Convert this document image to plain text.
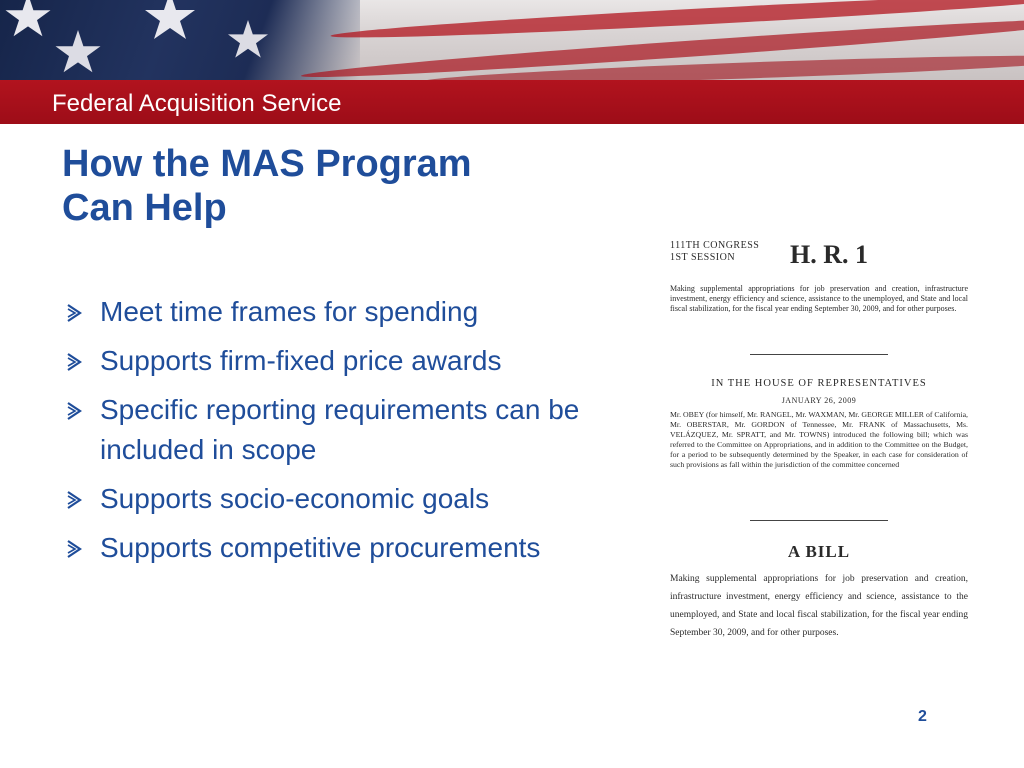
Federal Acquisition Service
How the MAS Program
Can Help
Meet time frames for spending
Supports firm-fixed price awards
Specific reporting requirements can be included in scope
Supports socio-economic goals
Supports competitive procurements
111TH CONGRESS
1ST SESSION	H. R. 1
Making supplemental appropriations for job preservation and creation, infrastructure investment, energy efficiency and science, assistance to the unemployed, and State and local fiscal stabilization, for the fiscal year ending September 30, 2009, and for other purposes.
IN THE HOUSE OF REPRESENTATIVES
JANUARY 26, 2009
Mr. OBEY (for himself, Mr. RANGEL, Mr. WAXMAN, Mr. GEORGE MILLER of California, Mr. OBERSTAR, Mr. GORDON of Tennessee, Mr. FRANK of Massachusetts, Ms. VELÁZQUEZ, Mr. SPRATT, and Mr. TOWNS) introduced the following bill; which was referred to the Committee on Appropriations, and in addition to the Committee on the Budget, for a period to be subsequently determined by the Speaker, in each case for consideration of such provisions as fall within the jurisdiction of the committee concerned
A BILL
Making supplemental appropriations for job preservation and creation, infrastructure investment, energy efficiency and science, assistance to the unemployed, and State and local fiscal stabilization, for the fiscal year ending September 30, 2009, and for other purposes.
2
